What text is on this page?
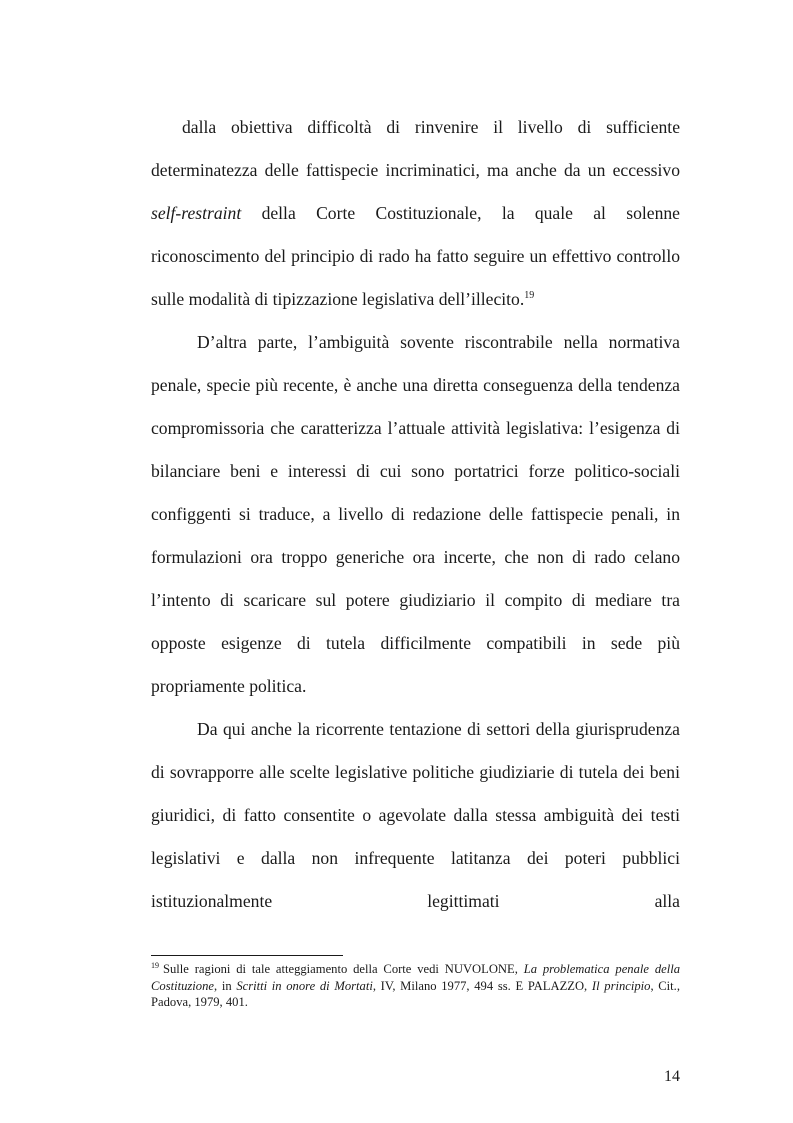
dalla obiettiva difficoltà di rinvenire il livello di sufficiente determinatezza delle fattispecie incriminatici, ma anche da un eccessivo self-restraint della Corte Costituzionale, la quale al solenne riconoscimento del principio di rado ha fatto seguire un effettivo controllo sulle modalità di tipizzazione legislativa dell’illecito.$^{19}$

D’altra parte, l’ambiguità sovente riscontrabile nella normativa penale, specie più recente, è anche una diretta conseguenza della tendenza compromissoria che caratterizza l’attuale attività legislativa: l’esigenza di bilanciare beni e interessi di cui sono portatrici forze politico-sociali configgenti si traduce, a livello di redazione delle fattispecie penali, in formulazioni ora troppo generiche ora incerte, che non di rado celano l’intento di scaricare sul potere giudiziario il compito di mediare tra opposte esigenze di tutela difficilmente compatibili in sede più propriamente politica.

Da qui anche la ricorrente tentazione di settori della giurisprudenza di sovrapporre alle scelte legislative politiche giudiziarie di tutela dei beni giuridici, di fatto consentite o agevolate dalla stessa ambiguità dei testi legislativi e dalla non infrequente latitanza dei poteri pubblici istituzionalmente legittimati alla

$^{19}$ Sulle ragioni di tale atteggiamento della Corte vedi NUVOLONE, La problematica penale della Costituzione, in Scritti in onore di Mortati, IV, Milano 1977, 494 ss. E PALAZZO, Il principio, Cit., Padova, 1979, 401.
14
